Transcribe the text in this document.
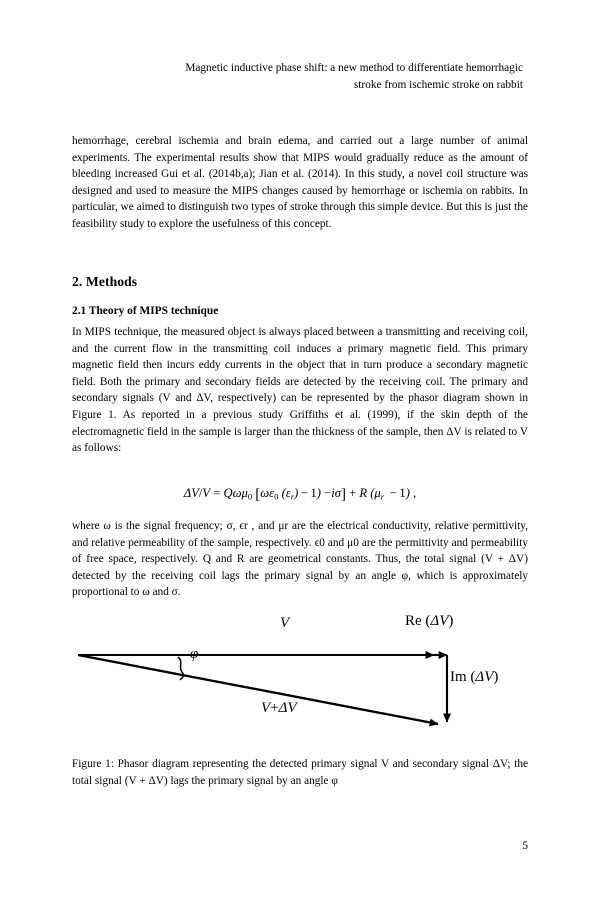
Magnetic inductive phase shift: a new method to differentiate hemorrhagic
stroke from ischemic stroke on rabbit

hemorrhage, cerebral ischemia and brain edema, and carried out a large number of animal experiments. The experimental results show that MIPS would gradually reduce as the amount of bleeding increased Gui et al. (2014b,a); Jian et al. (2014). In this study, a novel coil structure was designed and used to measure the MIPS changes caused by hemorrhage or ischemia on rabbits. In particular, we aimed to distinguish two types of stroke through this simple device. But this is just the feasibility study to explore the usefulness of this concept.

2. Methods
2.1 Theory of MIPS technique

In MIPS technique, the measured object is always placed between a transmitting and receiving coil, and the current flow in the transmitting coil induces a primary magnetic field. This primary magnetic field then incurs eddy currents in the object that in turn produce a secondary magnetic field. Both the primary and secondary fields are detected by the receiving coil. The primary and secondary signals (V and ΔV, respectively) can be represented by the phasor diagram shown in Figure 1. As reported in a previous study Griffiths et al. (1999), if the skin depth of the electromagnetic field in the sample is larger than the thickness of the sample, then ΔV is related to V as follows:

ΔV/V = Qωμ0 [ωε0 (εr) − 1) −iσ] + R (μr  − 1) ,

where ω is the signal frequency; σ, ϵr , and μr are the electrical conductivity, relative permittivity, and relative permeability of the sample, respectively. ϵ0 and μ0 are the permittivity and permeability of free space, respectively. Q and R are geometrical constants. Thus, the total signal (V + ΔV) detected by the receiving coil lags the primary signal by an angle φ, which is approximately proportional to ω and σ.

V	Re (ΔV)
Im (ΔV)
φ
V+ΔV

Figure 1: Phasor diagram representing the detected primary signal V and secondary signal ΔV; the total signal (V + ΔV) lags the primary signal by an angle φ

5
